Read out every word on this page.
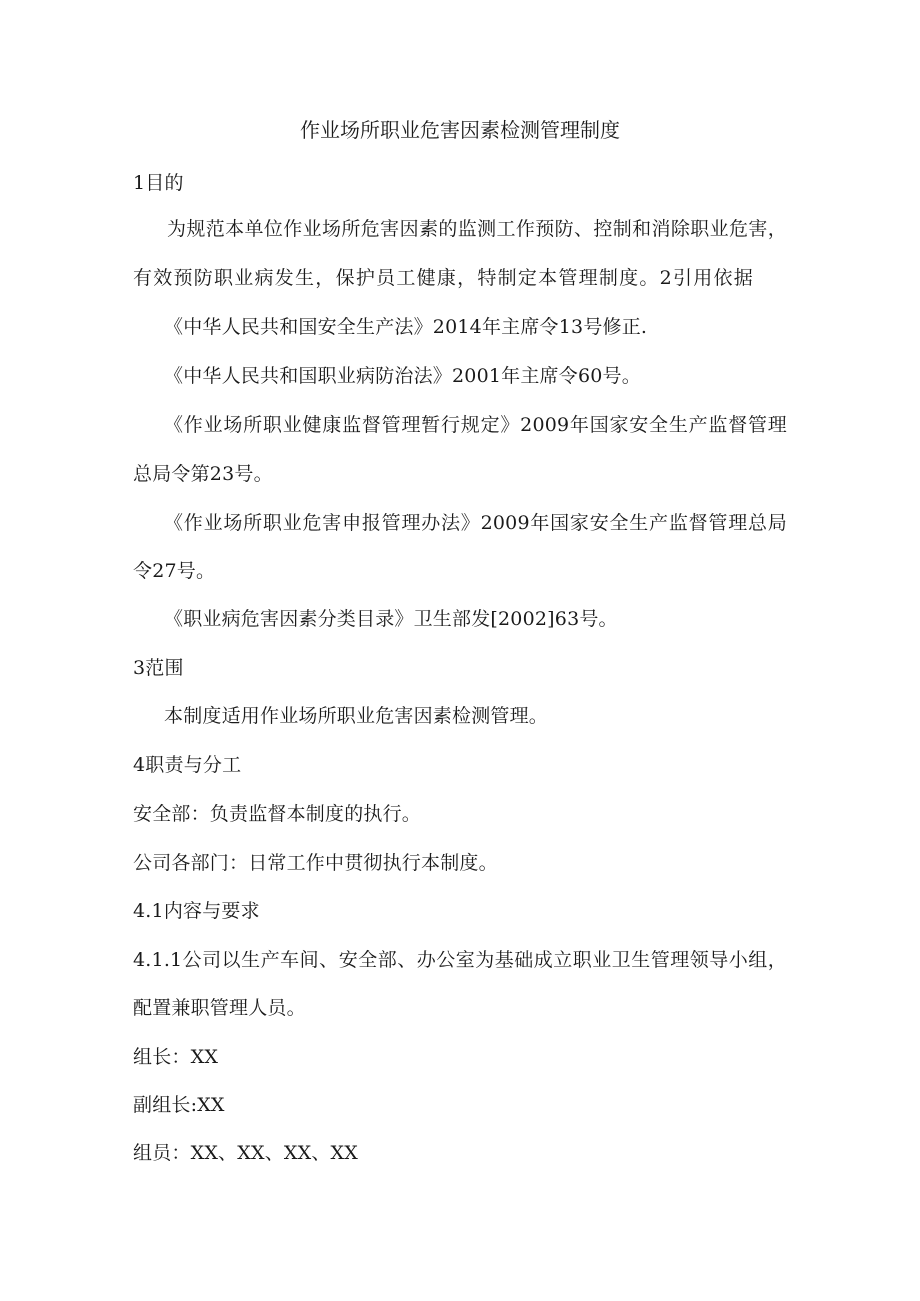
作业场所职业危害因素检测管理制度
1目的
为规范本单位作业场所危害因素的监测工作预防、控制和消除职业危害，
有效预防职业病发生，保护员工健康，特制定本管理制度。2引用依据
《中华人民共和国安全生产法》2014年主席令13号修正.
《中华人民共和国职业病防治法》2001年主席令60号。
《作业场所职业健康监督管理暂行规定》2009年国家安全生产监督管理
总局令第23号。
《作业场所职业危害申报管理办法》2009年国家安全生产监督管理总局
令27号。
《职业病危害因素分类目录》卫生部发[2002]63号。
3范围
本制度适用作业场所职业危害因素检测管理。
4职责与分工
安全部：负责监督本制度的执行。
公司各部门：日常工作中贯彻执行本制度。
4.1内容与要求
4.1.1公司以生产车间、安全部、办公室为基础成立职业卫生管理领导小组，
配置兼职管理人员。
组长：XX
副组长:XX
组员：XX、XX、XX、XX
